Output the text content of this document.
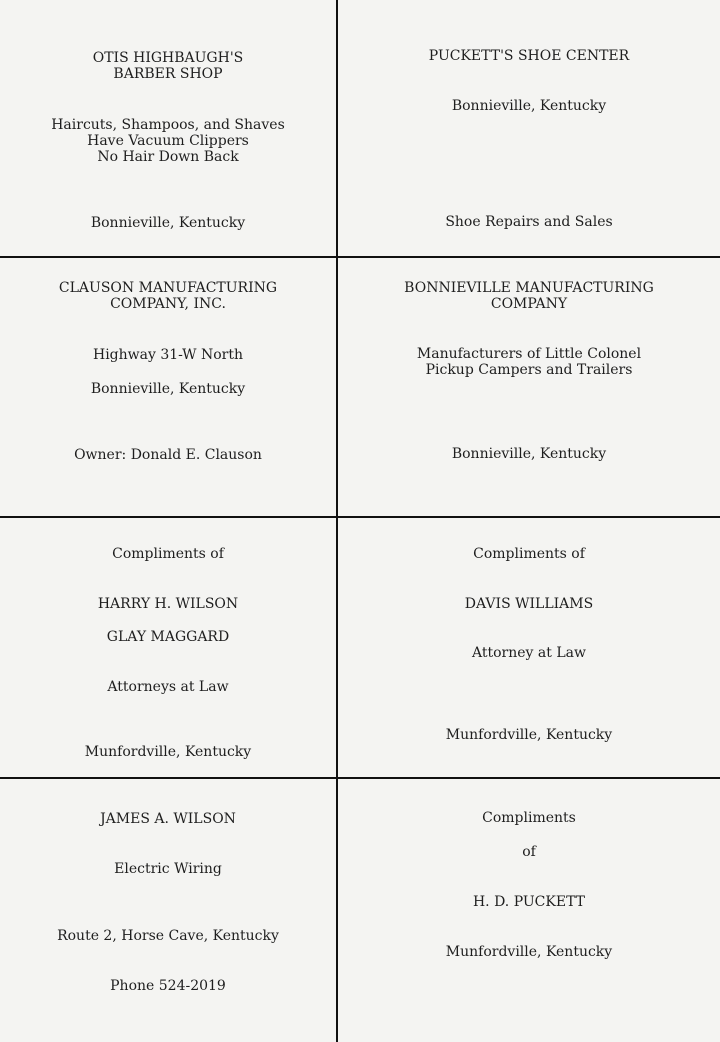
OTIS HIGHBAUGH'S
BARBER SHOP
Haircuts, Shampoos, and Shaves
Have Vacuum Clippers
No Hair Down Back
Bonnieville, Kentucky
PUCKETT'S SHOE CENTER
Bonnieville, Kentucky
Shoe Repairs and Sales
CLAUSON MANUFACTURING
COMPANY, INC.
Highway 31-W North
Bonnieville, Kentucky
Owner: Donald E. Clauson
BONNIEVILLE MANUFACTURING
COMPANY
Manufacturers of Little Colonel
Pickup Campers and Trailers
Bonnieville, Kentucky
Compliments of
HARRY H. WILSON
GLAY MAGGARD
Attorneys at Law
Munfordville, Kentucky
Compliments of
DAVIS WILLIAMS
Attorney at Law
Munfordville, Kentucky
JAMES A. WILSON
Electric Wiring
Route 2, Horse Cave, Kentucky
Phone 524-2019
Compliments
of
H. D. PUCKETT
Munfordville, Kentucky
